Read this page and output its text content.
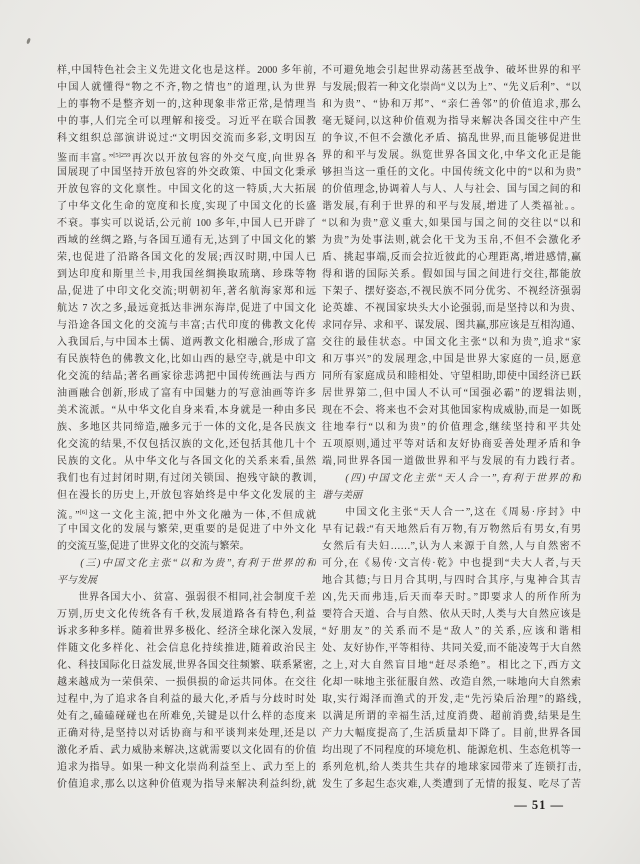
样,中国特色社会主义先进文化也是这样。2000 多年前,
中国人就懂得“物之不齐,物之情也”的道理,认为世界
上的事物不是整齐划一的,这种现象非常正常,是情理当
中的事,人们完全可以理解和接受。习近平在联合国教
科文组织总部演讲说过:“文明因交流而多彩,文明因互
鉴而丰富。”$^{[5]259}$再次以开放包容的外交气度,向世界各
国展现了中国坚持开放包容的外交政策、中国文化秉承
开放包容的文化禀性。中国文化的这一特质,大大拓展
了中华文化生命的宽度和长度,实现了中国文化的长盛
不衰。事实可以说话,公元前 100 多年,中国人已开辟了
西域的丝绸之路,与各国互通有无,达到了中国文化的繁
荣,也促进了沿路各国文化的发展;西汉时期,中国人已
到达印度和斯里兰卡,用我国丝绸换取琉璃、珍珠等物
品,促进了中印文化交流;明朝初年,著名航海家郑和远
航达 7 次之多,最远竟抵达非洲东海岸,促进了中国文化
与沿途各国文化的交流与丰富;古代印度的佛教文化传
入我国后,与中国本土儒、道两教文化相融合,形成了富
有民族特色的佛教文化,比如山西的悬空寺,就是中印文
化交流的结晶;著名画家徐悲鸿把中国传统画法与西方
油画融合创新,形成了富有中国魅力的写意油画等许多
美术流派。“从中华文化自身来看,本身就是一种由多民
族、多地区共同缔造,融多元于一体的文化,是各民族文
化交流的结果,不仅包括汉族的文化,还包括其他几十个
民族的文化。从中华文化与各国文化的关系来看,虽然
我们也有过封闭时期,有过闭关锁国、抱残守缺的教训,
但在漫长的历史上,开放包容始终是中华文化发展的主
流。”[6]这一文化主流,把中外文化融为一体,不但成就
了中国文化的发展与繁荣,更重要的是促进了中外文化
的交流互鉴,促进了世界文化的交流与繁荣。
　　(三)中国文化主张“以和为贵”,有利于世界的和
平与发展
　　世界各国大小、贫富、强弱很不相同,社会制度千差
万别,历史文化传统各有千秋,发展道路各有特色,利益
诉求多种多样。随着世界多极化、经济全球化深入发展,
伴随文化多样化、社会信息化持续推进,随着政治民主
化、科技国际化日益发展,世界各国交往频繁、联系紧密,
越来越成为一荣俱荣、一损俱损的命运共同体。在交往
过程中,为了追求各自利益的最大化,矛盾与分歧时时处
处有之,磕磕碰碰也在所难免,关键是以什么样的态度来
正确对待,是坚持以对话协商与和平谈判来处理,还是以
激化矛盾、武力威胁来解决,这就需要以文化固有的价值
追求为指导。如果一种文化崇尚利益至上、武力至上的
价值追求,那么以这种价值观为指导来解决利益纠纷,就
不可避免地会引起世界动荡甚至战争、破坏世界的和平
与发展;假若一种文化崇尚“义以为上”、“先义后利”、“以
和为贵”、“协和万邦”、“亲仁善邻”的价值追求,那么
毫无疑问,以这种价值观为指导来解决各国交往中产生
的争议,不但不会激化矛盾、搞乱世界,而且能够促进世
界的和平与发展。纵览世界各国文化,中华文化正是能
够担当这一重任的文化。中国传统文化中的“以和为贵”
的价值理念,协调着人与人、人与社会、国与国之间的和
谐发展,有利于世界的和平与发展,增进了人类福祉。。
“以和为贵”意义重大,如果国与国之间的交往以“以和
为贵”为处事法则,就会化干戈为玉帛,不但不会激化矛
盾、挑起事端,反而会拉近彼此的心理距离,增进感情,赢
得和谐的国际关系。假如国与国之间进行交往,都能放
下架子、摆好姿态,不视民族不同分优劣、不视经济强弱
论英雄、不视国家块头大小论强弱,而是坚持以和为贵、
求同存异、求和平、谋发展、图共赢,那应该是互相沟通、
交往的最佳状态。中国文化主张“以和为贵”,追求“家
和万事兴”的发展理念,中国是世界大家庭的一员,愿意
同所有家庭成员和睦相处、守望相助,即使中国经济已跃
居世界第二,但中国人不认可“国强必霸”的逻辑法则,
现在不会、将来也不会对其他国家构成威胁,而是一如既
往地奉行“以和为贵”的价值理念,继续坚持和平共处
五项原则,通过平等对话和友好协商妥善处理矛盾和争
端,同世界各国一道做世界和平与发展的有力践行者。
　　(四)中国文化主张“天人合一”,有利于世界的和
谐与美丽
　　中国文化主张“天人合一”,这在《周易·序封》中
早有记载:“有天地然后有万物,有万物然后有男女,有男
女然后有夫妇……”,认为人来源于自然,人与自然密不
可分,在《易传·文言传·乾》中也提到“夫大人者,与天
地合其德;与日月合其明,与四时合其序,与鬼神合其吉
凶,先天而弗违,后天而奉天时。”即要求人的所作所为
要符合天道、合与自然、依从天时,人类与大自然应该是
“好朋友”的关系而不是“敌人”的关系,应该和谐相
处、友好协作,平等相待、共同关爱,而不能凌驾于大自然
之上,对大自然盲目地“赶尽杀绝”。相比之下,西方文
化却一味地主张征服自然、改造自然,一味地向大自然索
取,实行竭泽而渔式的开发,走“先污染后治理”的路线,
以满足所谓的幸福生活,过度消费、超前消费,结果是生
产力大幅度提高了,生活质量却下降了。目前,世界各国
均出现了不同程度的环境危机、能源危机、生态危机等一
系列危机,给人类共生共存的地球家园带来了连锁打击,
发生了多起生态灾难,人类遭到了无情的报复、吃尽了苦
— 51 —
